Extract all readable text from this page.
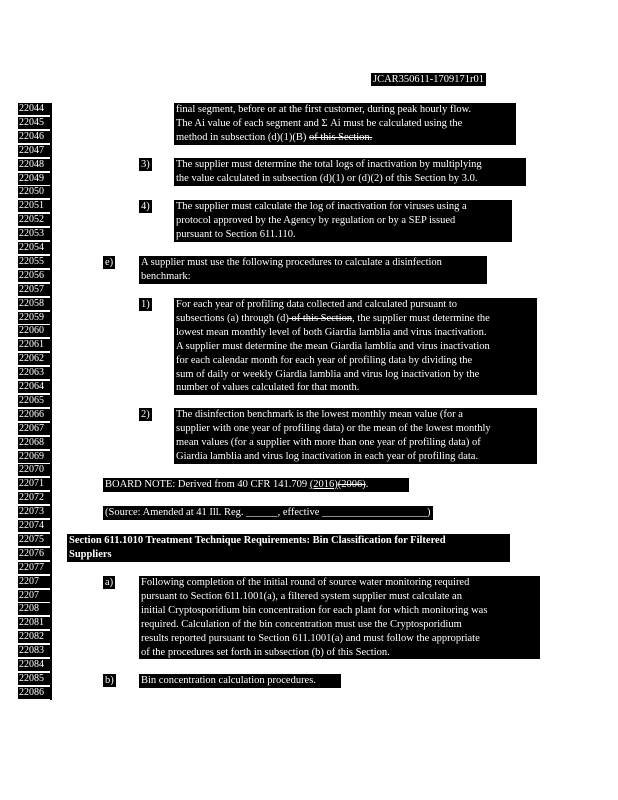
JCAR350611-1709171r01
22044
22045
22046
22047
22048
22049
22050
22051
22052
22053
22054
22055
22056
22057
22058
22059
22060
22061
22062
22063
22064
22065
22066
22067
22068
22069
22070
22071
22072
22073
22074
22075
22076
22077
2207
2207
2208
22081
22082
22083
22084
22085
22086
final segment, before or at the first customer, during peak hourly flow.
The Ai value of each segment and Σ Ai must be calculated using the
method in subsection (d)(1)(B) of this Section.
3)	The supplier must determine the total logs of inactivation by multiplying
the value calculated in subsection (d)(1) or (d)(2) of this Section by 3.0.
4)	The supplier must calculate the log of inactivation for viruses using a
protocol approved by the Agency by regulation or by a SEP issued
pursuant to Section 611.110.
e)	A supplier must use the following procedures to calculate a disinfection
benchmark:
1)	For each year of profiling data collected and calculated pursuant to
subsections (a) through (d) of this Section, the supplier must determine the
lowest mean monthly level of both Giardia lamblia and virus inactivation.
A supplier must determine the mean Giardia lamblia and virus inactivation
for each calendar month for each year of profiling data by dividing the
sum of daily or weekly Giardia lamblia and virus log inactivation by the
number of values calculated for that month.
2)	The disinfection benchmark is the lowest monthly mean value (for a
supplier with one year of profiling data) or the mean of the lowest monthly
mean values (for a supplier with more than one year of profiling data) of
Giardia lamblia and virus log inactivation in each year of profiling data.
BOARD NOTE: Derived from 40 CFR 141.709 (2016)(2006).
(Source: Amended at 41 Ill. Reg. ______, effective ____________________)
Section 611.1010 Treatment Technique Requirements: Bin Classification for Filtered
Suppliers
a)	Following completion of the initial round of source water monitoring required
pursuant to Section 611.1001(a), a filtered system supplier must calculate an
initial Cryptosporidium bin concentration for each plant for which monitoring was
required. Calculation of the bin concentration must use the Cryptosporidium
results reported pursuant to Section 611.1001(a) and must follow the appropriate
of the procedures set forth in subsection (b) of this Section.
b)	Bin concentration calculation procedures.
